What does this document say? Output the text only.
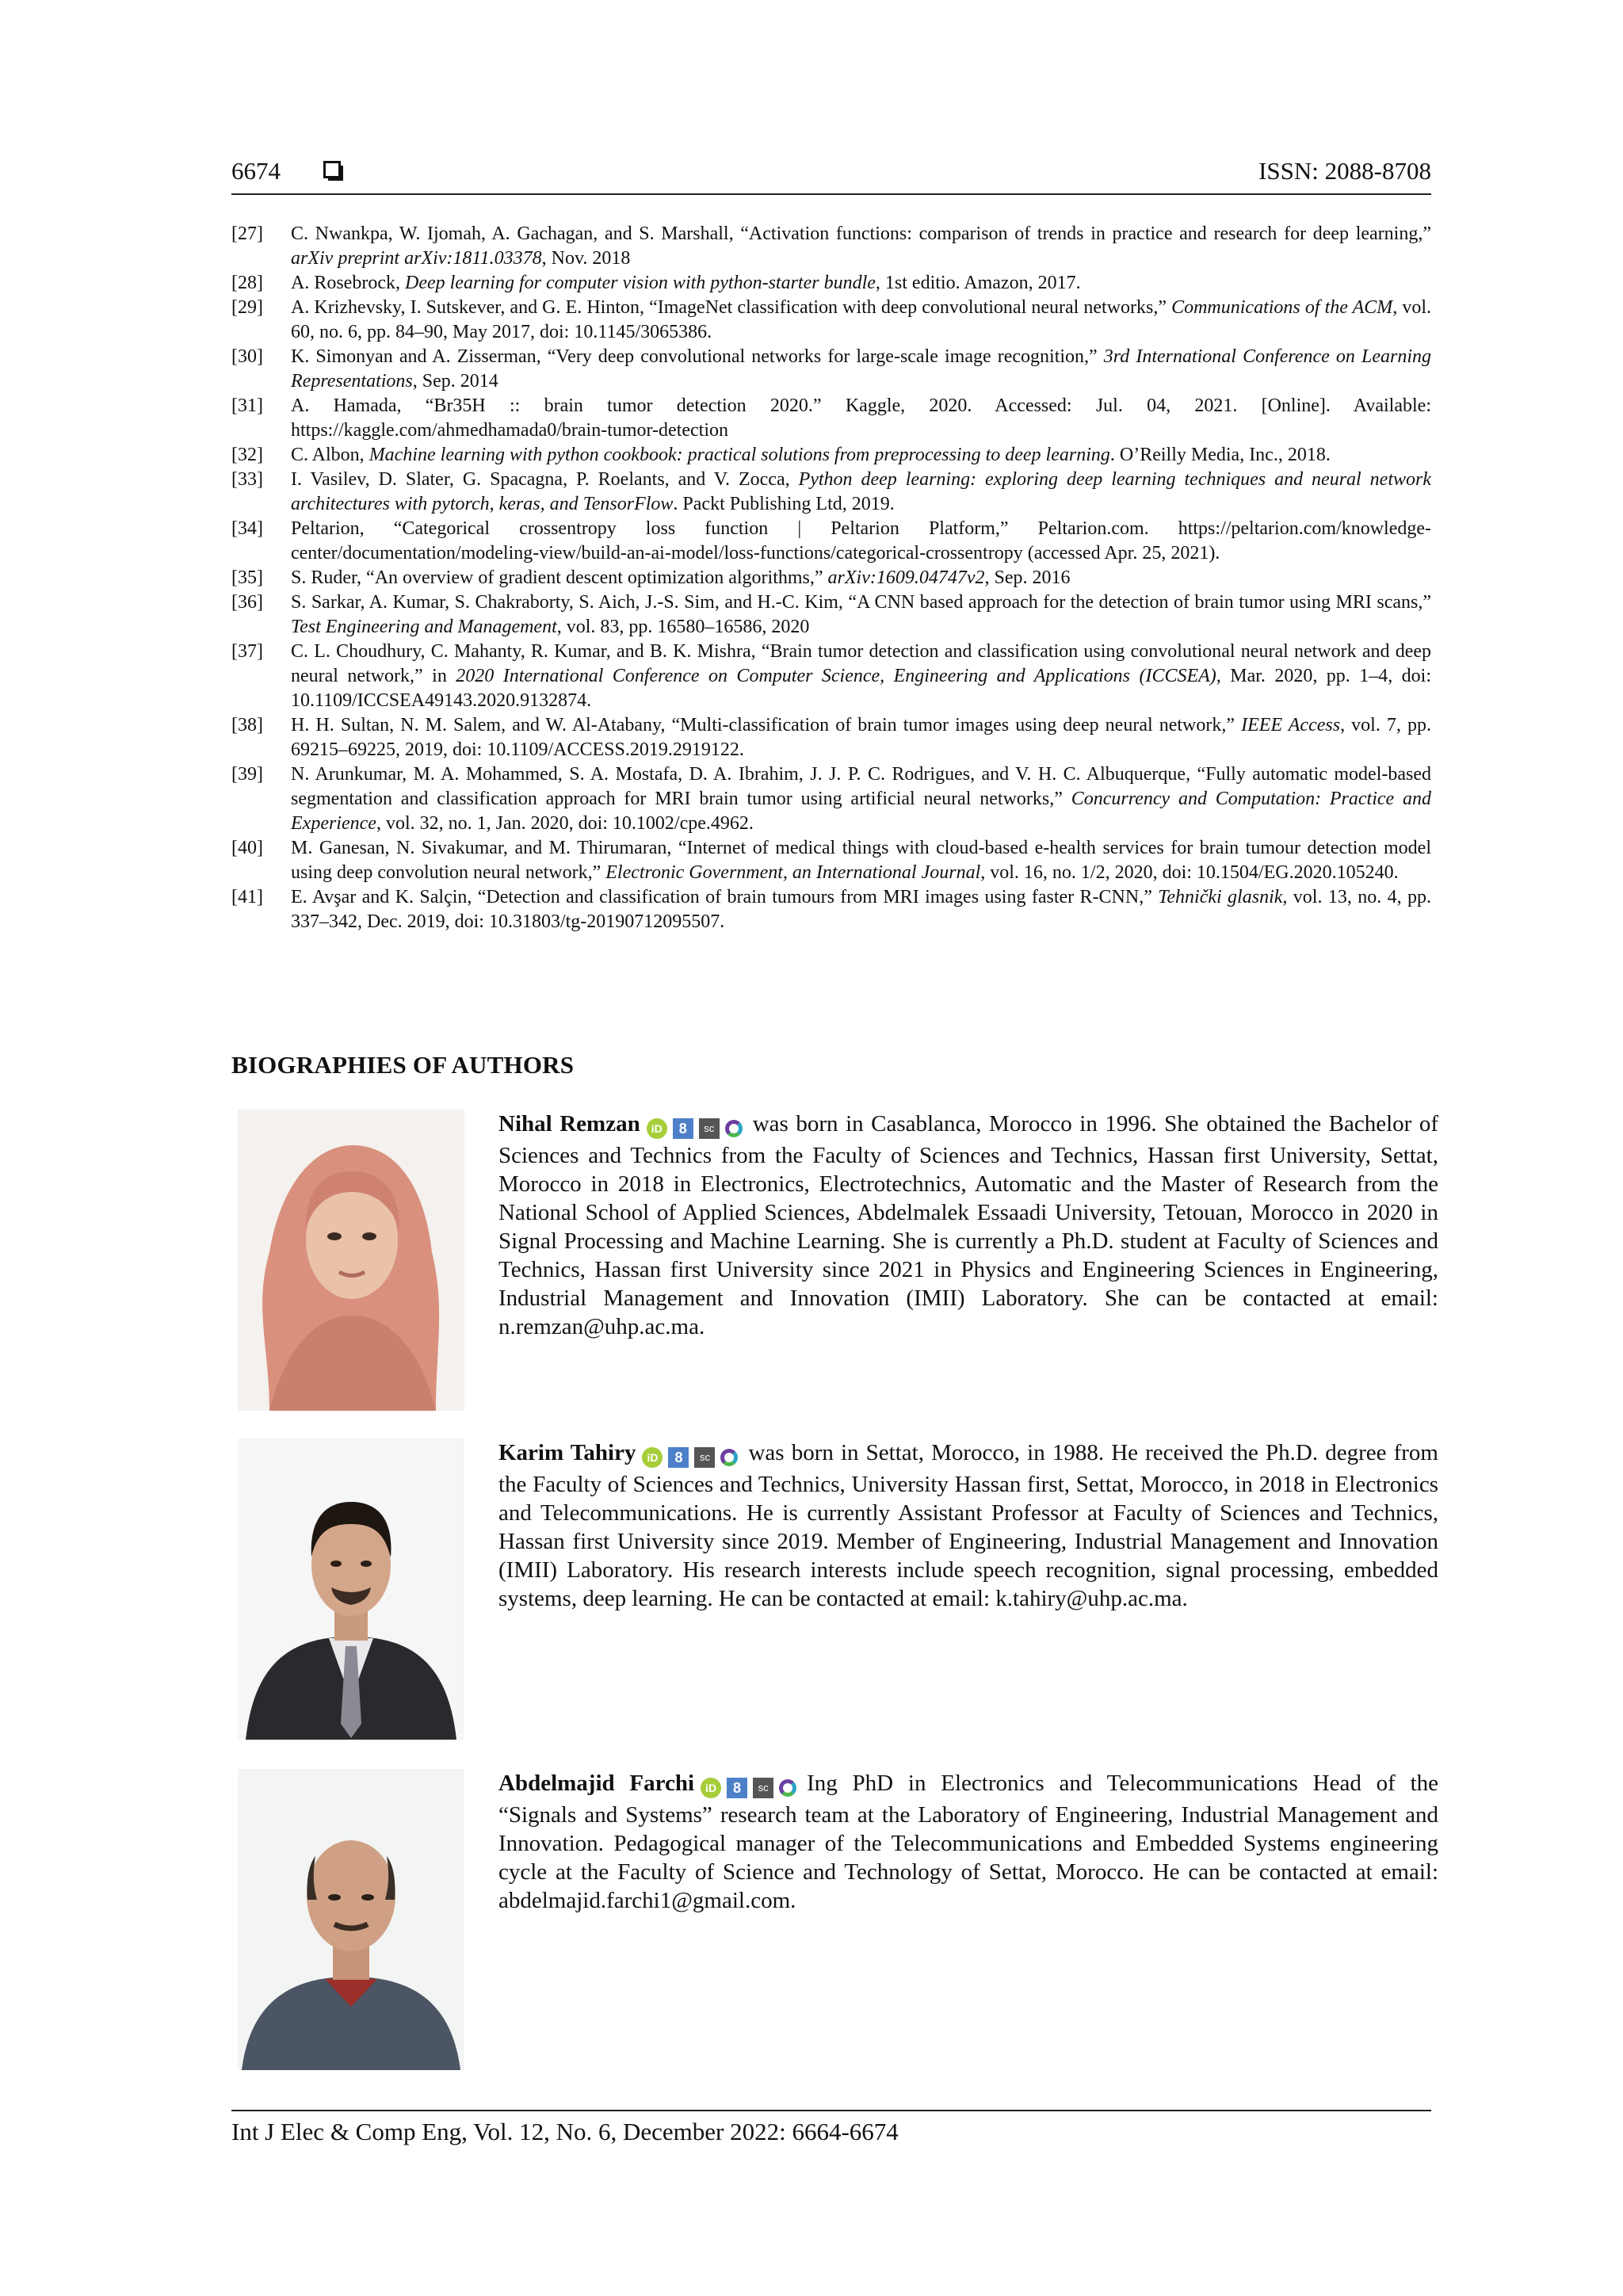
6674	ISSN: 2088-8708
[27]	C. Nwankpa, W. Ijomah, A. Gachagan, and S. Marshall, “Activation functions: comparison of trends in practice and research for deep learning,” arXiv preprint arXiv:1811.03378, Nov. 2018
[28]	A. Rosebrock, Deep learning for computer vision with python-starter bundle, 1st editio. Amazon, 2017.
[29]	A. Krizhevsky, I. Sutskever, and G. E. Hinton, “ImageNet classification with deep convolutional neural networks,” Communications of the ACM, vol. 60, no. 6, pp. 84–90, May 2017, doi: 10.1145/3065386.
[30]	K. Simonyan and A. Zisserman, “Very deep convolutional networks for large-scale image recognition,” 3rd International Conference on Learning Representations, Sep. 2014
[31]	A. Hamada, “Br35H :: brain tumor detection 2020.” Kaggle, 2020. Accessed: Jul. 04, 2021. [Online]. Available: https://kaggle.com/ahmedhamada0/brain-tumor-detection
[32]	C. Albon, Machine learning with python cookbook: practical solutions from preprocessing to deep learning. O’Reilly Media, Inc., 2018.
[33]	I. Vasilev, D. Slater, G. Spacagna, P. Roelants, and V. Zocca, Python deep learning: exploring deep learning techniques and neural network architectures with pytorch, keras, and TensorFlow. Packt Publishing Ltd, 2019.
[34]	Peltarion, “Categorical crossentropy loss function | Peltarion Platform,” Peltarion.com. https://peltarion.com/knowledge-center/documentation/modeling-view/build-an-ai-model/loss-functions/categorical-crossentropy (accessed Apr. 25, 2021).
[35]	S. Ruder, “An overview of gradient descent optimization algorithms,” arXiv:1609.04747v2, Sep. 2016
[36]	S. Sarkar, A. Kumar, S. Chakraborty, S. Aich, J.-S. Sim, and H.-C. Kim, “A CNN based approach for the detection of brain tumor using MRI scans,” Test Engineering and Management, vol. 83, pp. 16580–16586, 2020
[37]	C. L. Choudhury, C. Mahanty, R. Kumar, and B. K. Mishra, “Brain tumor detection and classification using convolutional neural network and deep neural network,” in 2020 International Conference on Computer Science, Engineering and Applications (ICCSEA), Mar. 2020, pp. 1–4, doi: 10.1109/ICCSEA49143.2020.9132874.
[38]	H. H. Sultan, N. M. Salem, and W. Al-Atabany, “Multi-classification of brain tumor images using deep neural network,” IEEE Access, vol. 7, pp. 69215–69225, 2019, doi: 10.1109/ACCESS.2019.2919122.
[39]	N. Arunkumar, M. A. Mohammed, S. A. Mostafa, D. A. Ibrahim, J. J. P. C. Rodrigues, and V. H. C. Albuquerque, “Fully automatic model-based segmentation and classification approach for MRI brain tumor using artificial neural networks,” Concurrency and Computation: Practice and Experience, vol. 32, no. 1, Jan. 2020, doi: 10.1002/cpe.4962.
[40]	M. Ganesan, N. Sivakumar, and M. Thirumaran, “Internet of medical things with cloud-based e-health services for brain tumour detection model using deep convolution neural network,” Electronic Government, an International Journal, vol. 16, no. 1/2, 2020, doi: 10.1504/EG.2020.105240.
[41]	E. Avşar and K. Salçin, “Detection and classification of brain tumours from MRI images using faster R-CNN,” Tehnički glasnik, vol. 13, no. 4, pp. 337–342, Dec. 2019, doi: 10.31803/tg-20190712095507.
BIOGRAPHIES OF AUTHORS
Nihal Remzan iD 8 sc was born in Casablanca, Morocco in 1996. She obtained the Bachelor of Sciences and Technics from the Faculty of Sciences and Technics, Hassan first University, Settat, Morocco in 2018 in Electronics, Electrotechnics, Automatic and the Master of Research from the National School of Applied Sciences, Abdelmalek Essaadi University, Tetouan, Morocco in 2020 in Signal Processing and Machine Learning. She is currently a Ph.D. student at Faculty of Sciences and Technics, Hassan first University since 2021 in Physics and Engineering Sciences in Engineering, Industrial Management and Innovation (IMII) Laboratory. She can be contacted at email: n.remzan@uhp.ac.ma.
Karim Tahiry iD 8 sc was born in Settat, Morocco, in 1988. He received the Ph.D. degree from the Faculty of Sciences and Technics, University Hassan first, Settat, Morocco, in 2018 in Electronics and Telecommunications. He is currently Assistant Professor at Faculty of Sciences and Technics, Hassan first University since 2019. Member of Engineering, Industrial Management and Innovation (IMII) Laboratory. His research interests include speech recognition, signal processing, embedded systems, deep learning. He can be contacted at email: k.tahiry@uhp.ac.ma.
Abdelmajid Farchi iD 8 sc Ing PhD in Electronics and Telecommunications Head of the “Signals and Systems” research team at the Laboratory of Engineering, Industrial Management and Innovation. Pedagogical manager of the Telecommunications and Embedded Systems engineering cycle at the Faculty of Science and Technology of Settat, Morocco. He can be contacted at email: abdelmajid.farchi1@gmail.com.
Int J Elec & Comp Eng, Vol. 12, No. 6, December 2022: 6664-6674
